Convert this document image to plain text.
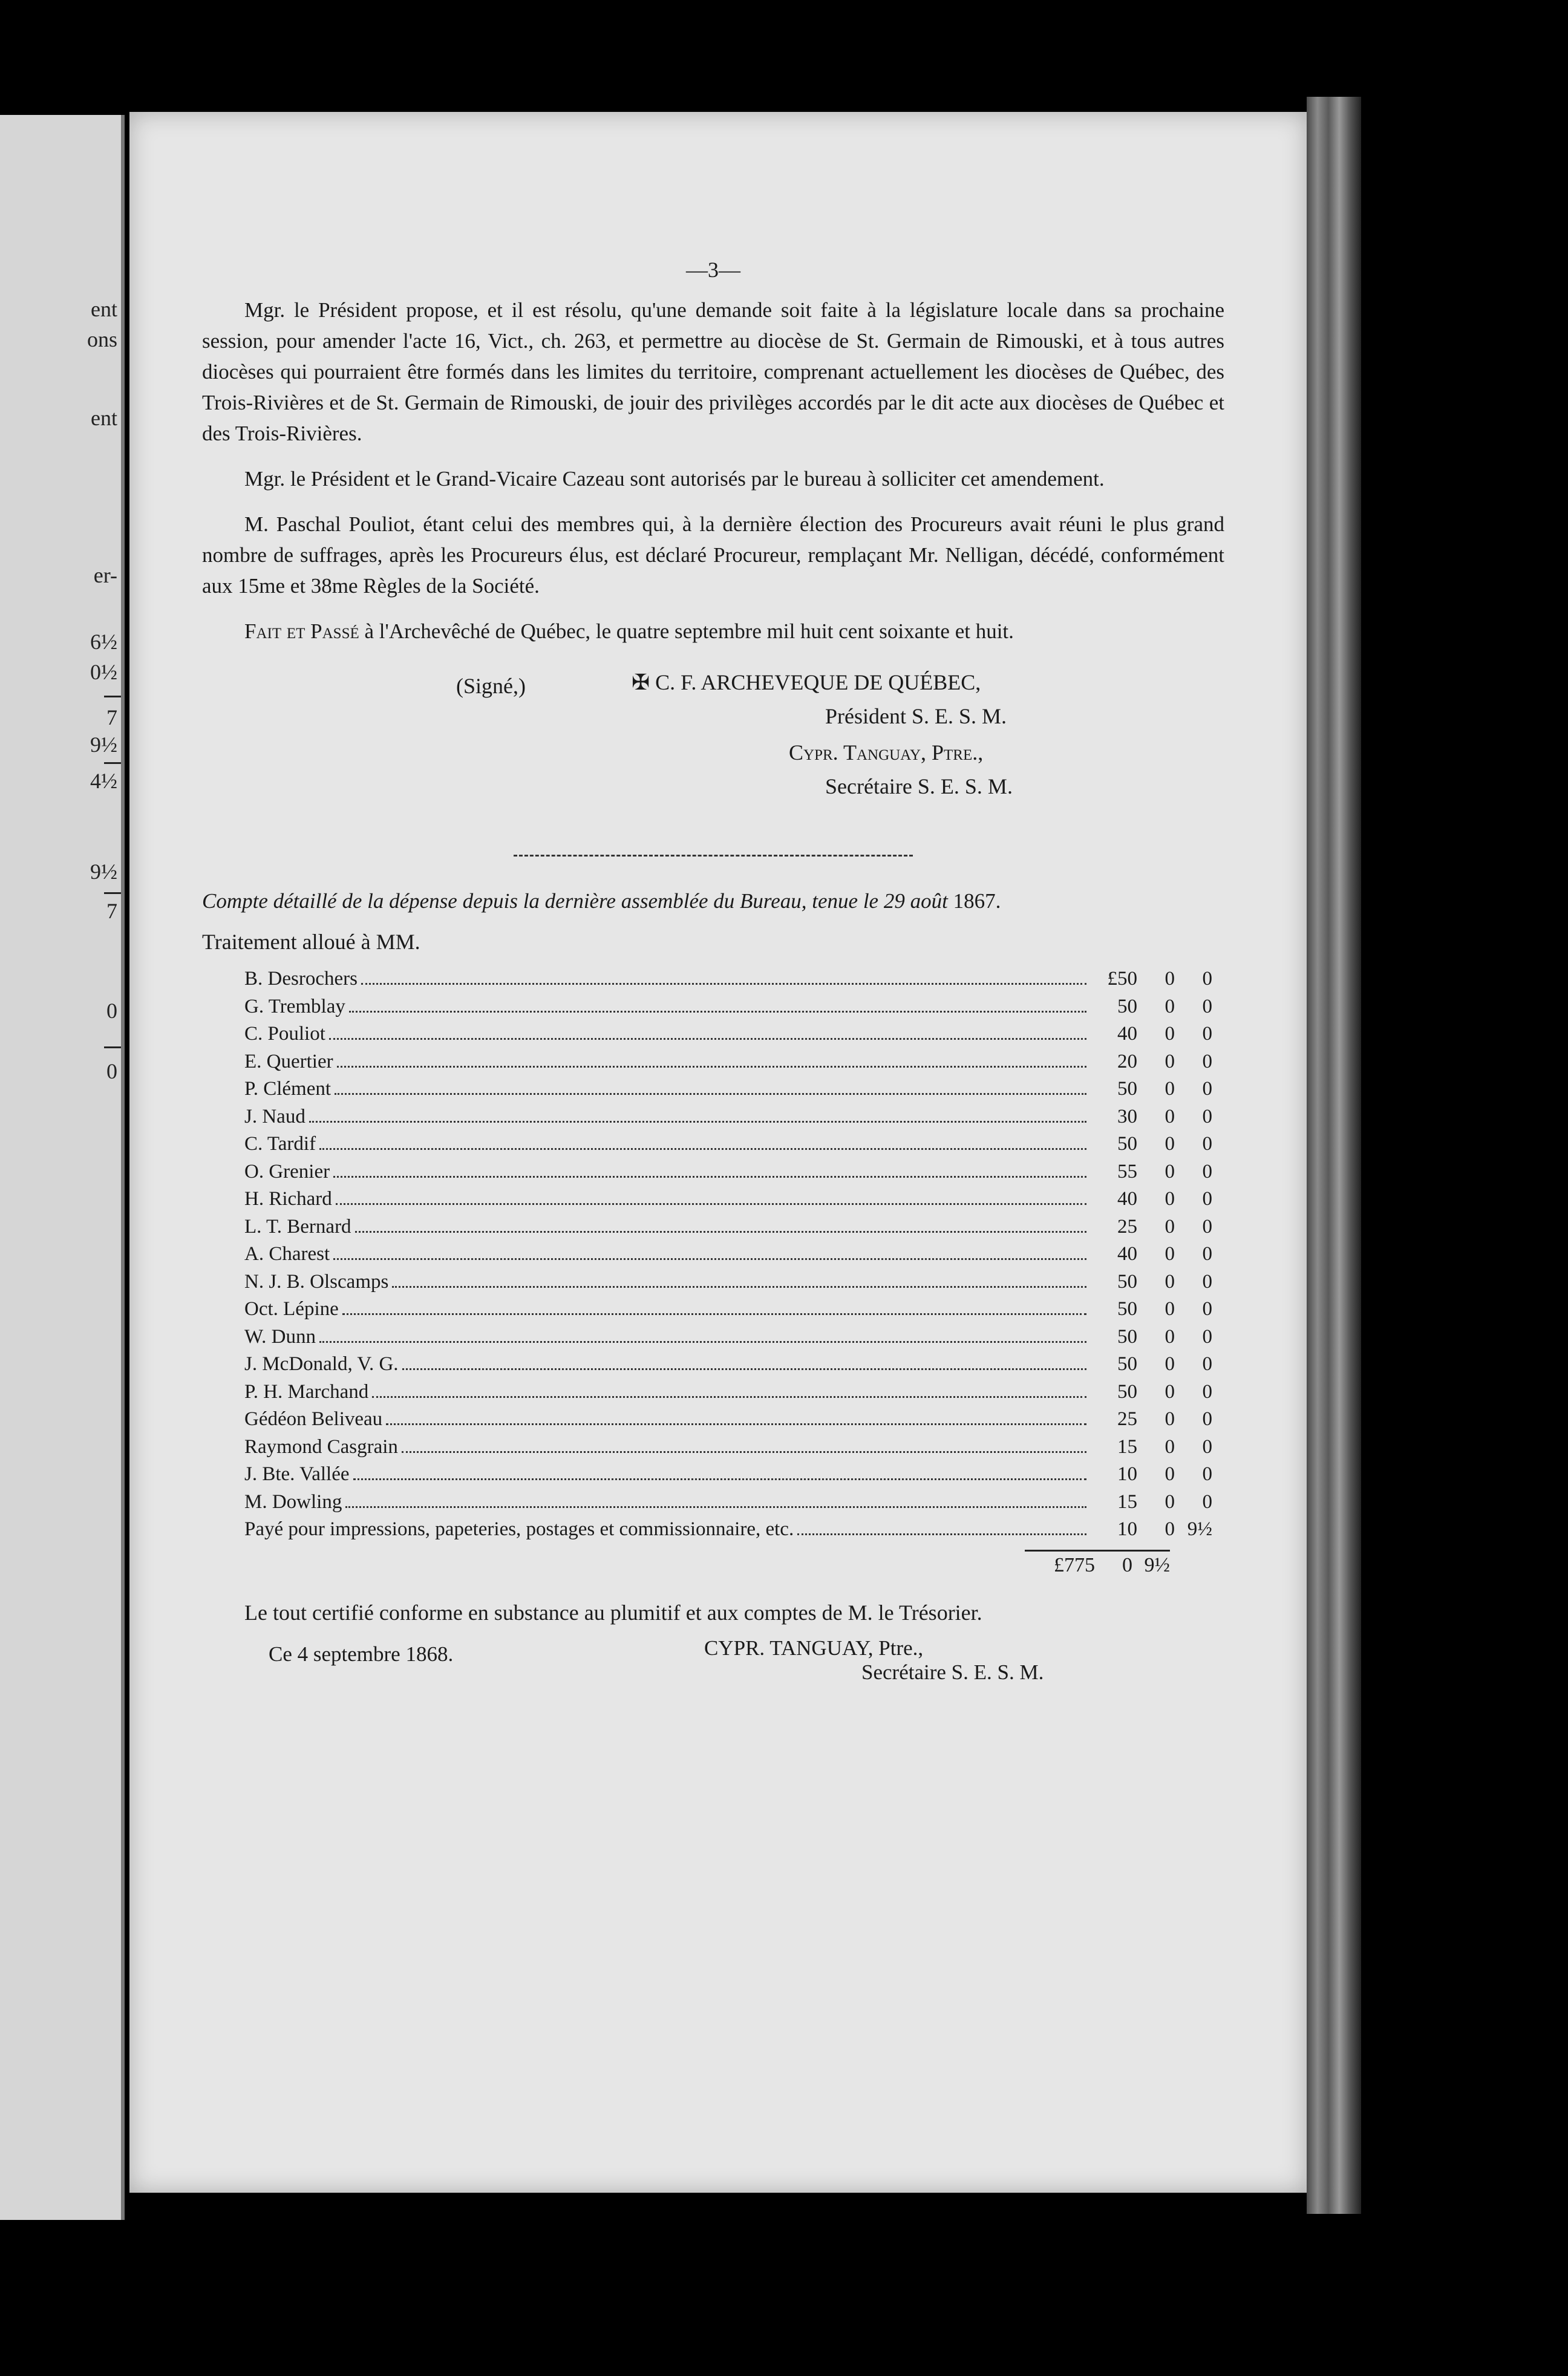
ent
ons
ent
er-
6½
0½
7
9½
4½
9½
7
0
0
—3—

Mgr. le Président propose, et il est résolu, qu'une demande soit faite à la législature locale dans sa prochaine session, pour amender l'acte 16, Vict., ch. 263, et permettre au diocèse de St. Germain de Rimouski, et à tous autres diocèses qui pourraient être formés dans les limites du territoire, comprenant actuellement les diocèses de Québec, des Trois-Rivières et de St. Germain de Rimouski, de jouir des privilèges accordés par le dit acte aux diocèses de Québec et des Trois-Rivières.

Mgr. le Président et le Grand-Vicaire Cazeau sont autorisés par le bureau à solliciter cet amendement.

M. Paschal Pouliot, étant celui des membres qui, à la dernière élection des Procureurs avait réuni le plus grand nombre de suffrages, après les Procureurs élus, est déclaré Procureur, remplaçant Mr. Nelligan, décédé, conformément aux 15me et 38me Règles de la Société.

Fait et Passé à l'Archevêché de Québec, le quatre septembre mil huit cent soixante et huit.

(Signé,)	✠ C. F. ARCHEVEQUE DE QUÉBEC,
Président S. E. S. M.
Cypr. Tanguay, Ptre.,
Secrétaire S. E. S. M.
Compte détaillé de la dépense depuis la dernière assemblée du Bureau, tenue le 29 août 1867.
Traitement alloué à MM.
B. Desrochers	£50	0	0
G. Tremblay	50	0	0
C. Pouliot	40	0	0
E. Quertier	20	0	0
P. Clément	50	0	0
J. Naud	30	0	0
C. Tardif	50	0	0
O. Grenier	55	0	0
H. Richard	40	0	0
L. T. Bernard	25	0	0
A. Charest	40	0	0
N. J. B. Olscamps	50	0	0
Oct. Lépine	50	0	0
W. Dunn	50	0	0
J. McDonald, V. G.	50	0	0
P. H. Marchand	50	0	0
Gédéon Beliveau	25	0	0
Raymond Casgrain	15	0	0
J. Bte. Vallée	10	0	0
M. Dowling	15	0	0
Payé pour impressions, papeteries, postages et commissionnaire, etc.	10	0 9½
£775	0 9½
Le tout certifié conforme en substance au plumitif et aux comptes de M. le Trésorier.
Ce 4 septembre 1868.	CYPR. TANGUAY, Ptre.,
Secrétaire S. E. S. M.
